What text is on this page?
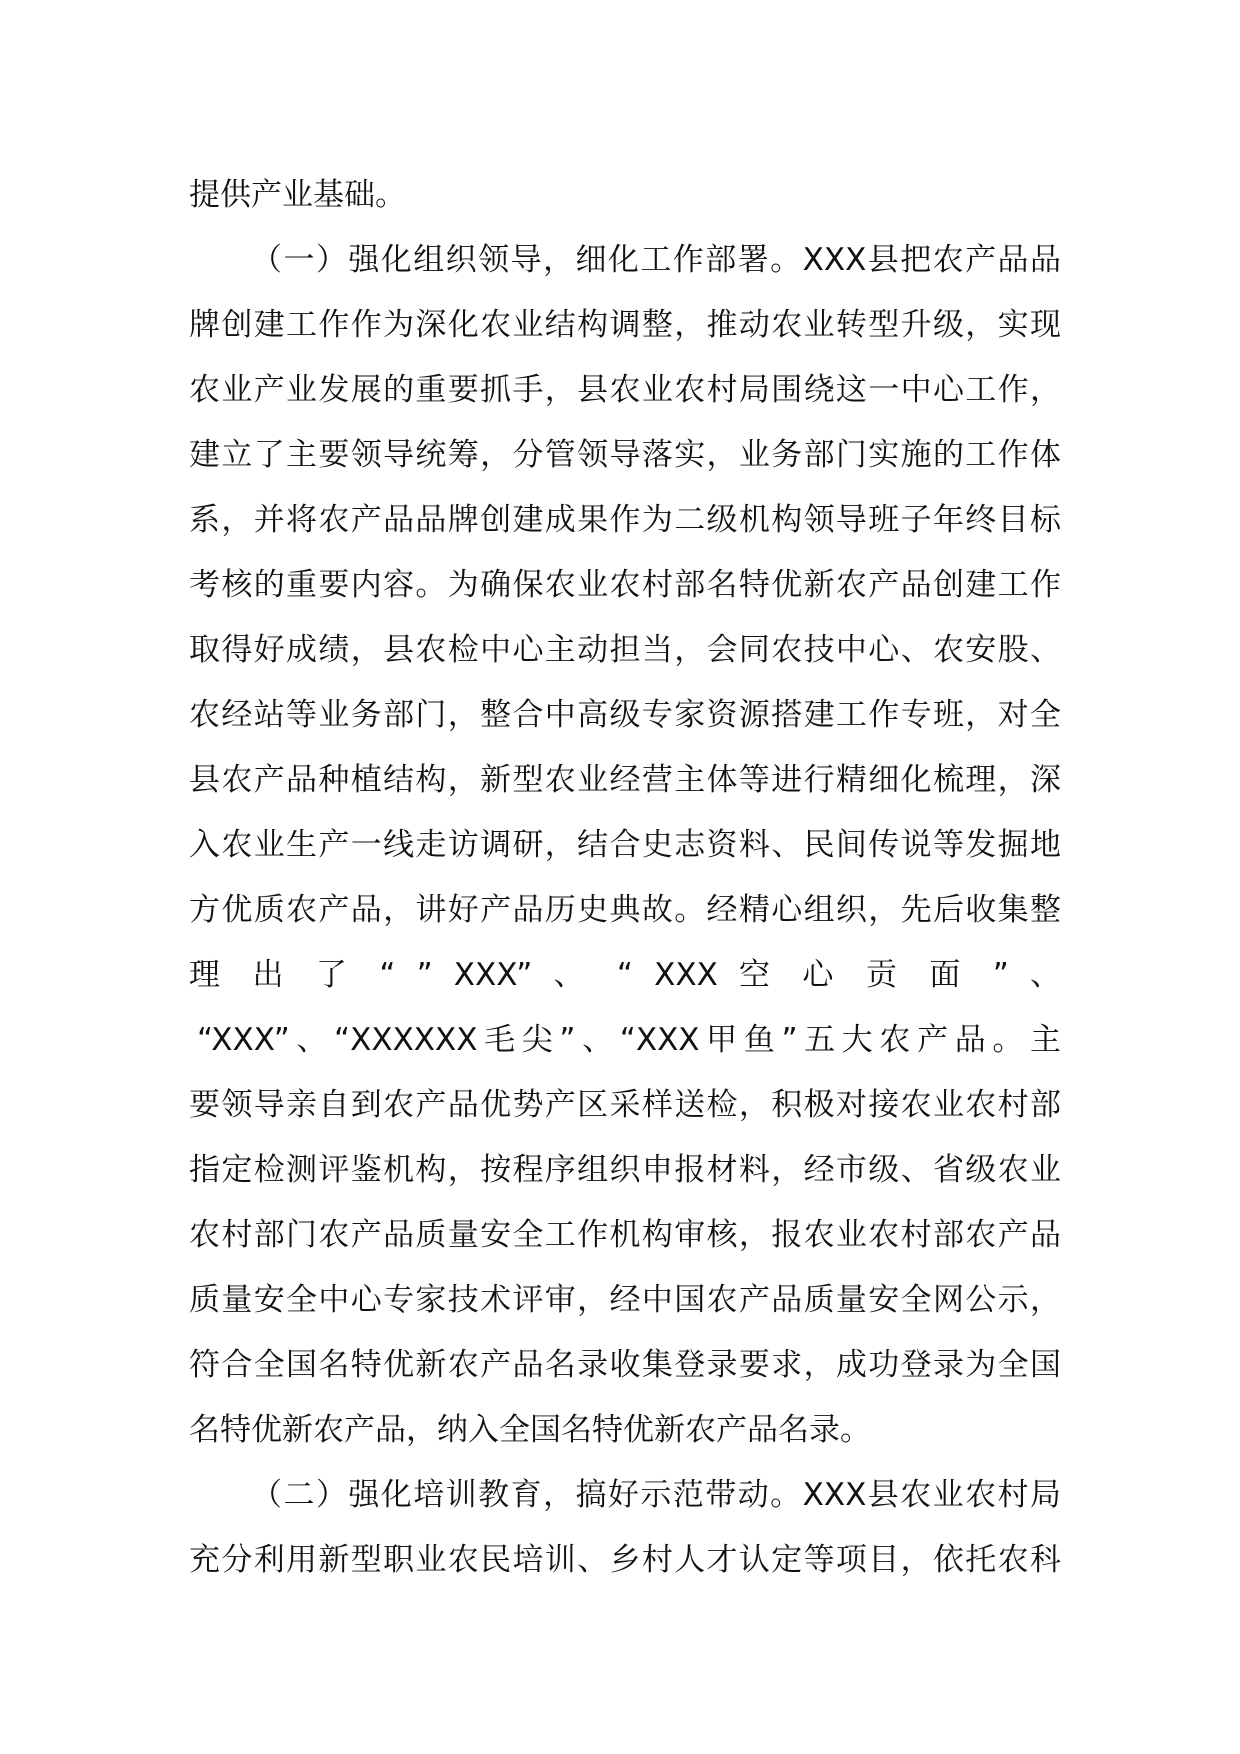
提供产业基础。
（一）强化组织领导，细化工作部署。XXX县把农产品品
牌创建工作作为深化农业结构调整，推动农业转型升级，实现
农业产业发展的重要抓手，县农业农村局围绕这一中心工作，
建立了主要领导统筹，分管领导落实，业务部门实施的工作体
系，并将农产品品牌创建成果作为二级机构领导班子年终目标
考核的重要内容。为确保农业农村部名特优新农产品创建工作
取得好成绩，县农检中心主动担当，会同农技中心、农安股、
农经站等业务部门，整合中高级专家资源搭建工作专班，对全
县农产品种植结构，新型农业经营主体等进行精细化梳理，深
入农业生产一线走访调研，结合史志资料、民间传说等发掘地
方优质农产品，讲好产品历史典故。经精心组织，先后收集整
理 出 了 “ ” XXX” 、 “ XXX 空 心 贡 面 ” 、
“XXX”、“XXXXXX毛尖”、“XXX甲鱼”五大农产品。主
要领导亲自到农产品优势产区采样送检，积极对接农业农村部
指定检测评鉴机构，按程序组织申报材料，经市级、省级农业
农村部门农产品质量安全工作机构审核，报农业农村部农产品
质量安全中心专家技术评审，经中国农产品质量安全网公示，
符合全国名特优新农产品名录收集登录要求，成功登录为全国
名特优新农产品，纳入全国名特优新农产品名录。
（二）强化培训教育，搞好示范带动。XXX县农业农村局
充分利用新型职业农民培训、乡村人才认定等项目，依托农科
